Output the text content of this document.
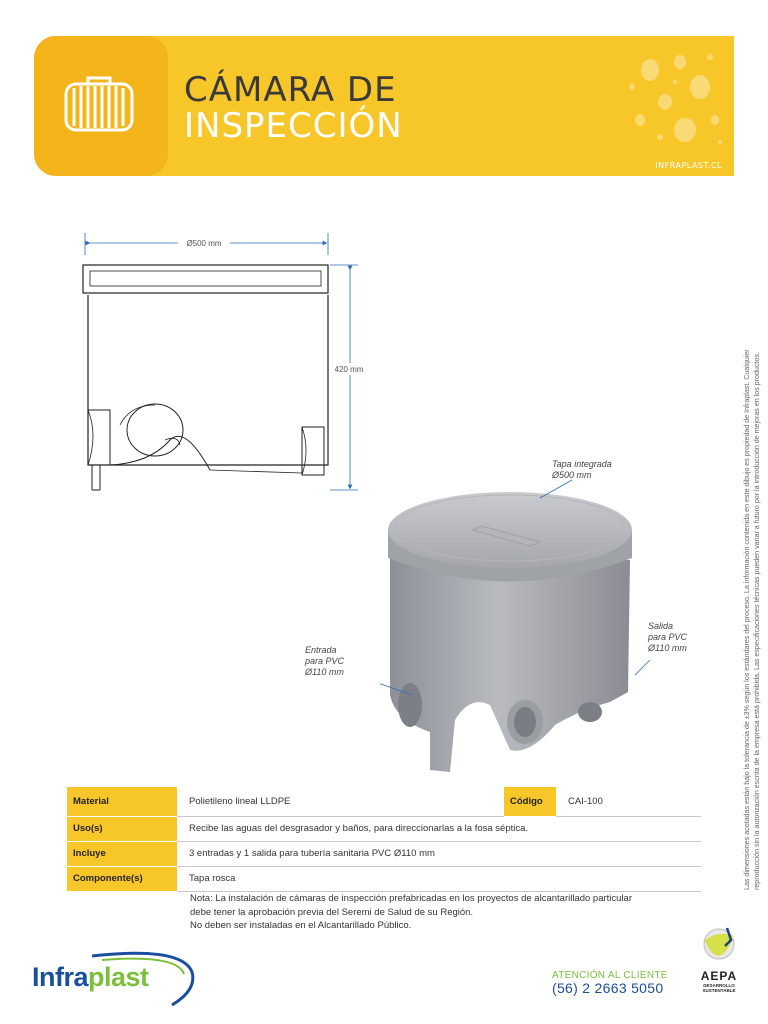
CÁMARA DE
INSPECCIÓN
INFRAPLAST.CL
Las dimensiones acotadas están bajo la tolerancia de ±3% según los estándares del proceso. La información contenida en este dibujo es propiedad de Infraplast. Cualquier reproducción sin la autorización escrita de la empresa está prohibida. Las especificaciones técnicas pueden variar a futuro por la introducción de mejoras en los productos.
Ø500 mm
420 mm
Tapa integrada
Ø500 mm
Salida
para PVC
Ø110 mm
Entrada
para PVC
Ø110 mm
Material	Polietileno lineal LLDPE	Código	CAI-100
Uso(s)	Recibe las aguas del desgrasador y baños, para direccionarlas a la fosa séptica.		
Incluye	3 entradas y 1 salida para tubería sanitaria PVC Ø110 mm		
Componente(s)	Tapa rosca		
Nota: La instalación de cámaras de inspección prefabricadas en los proyectos de alcantarillado particular
debe tener la aprobación previa del Seremi de Salud de su Región.
No deben ser instaladas en el Alcantarillado Público.
Infraplast	ATENCIÓN AL CLIENTE
(56) 2 2663 5050
AEPA
DESARROLLO
SUSTENTABLE
